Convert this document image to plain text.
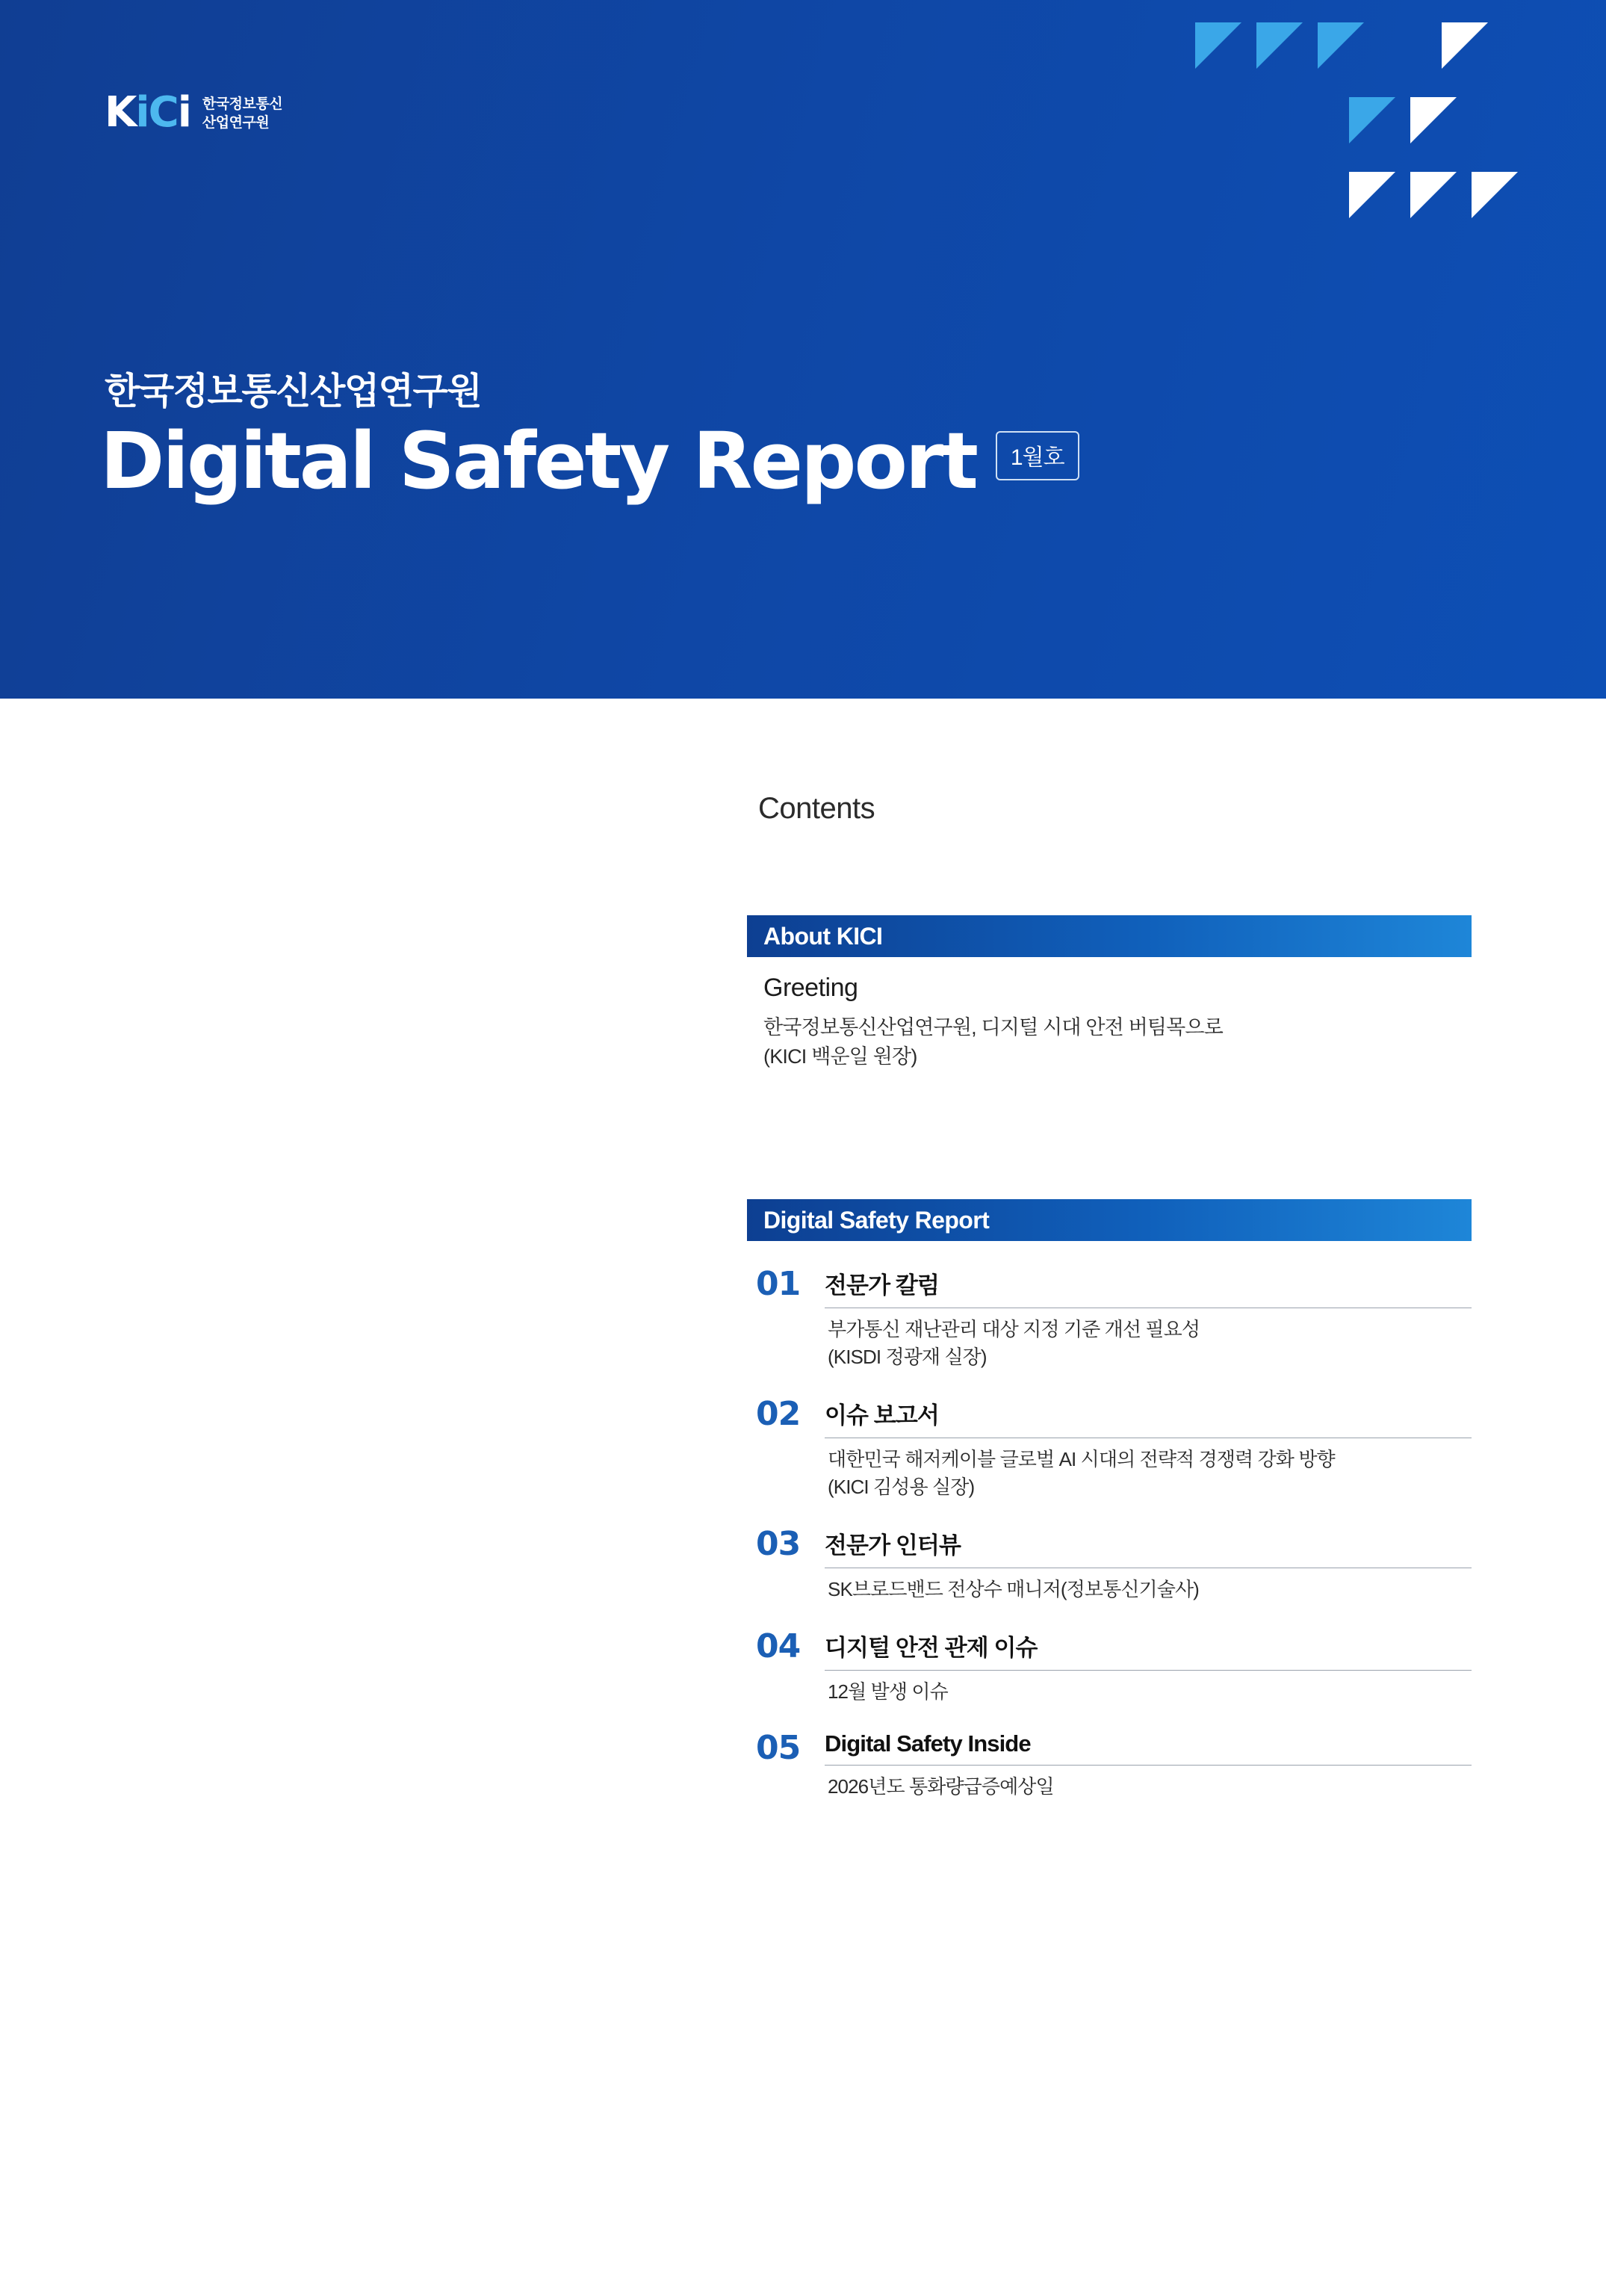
KiCi 한국정보통신
산업연구원
한국정보통신산업연구원
Digital Safety Report	1월호
Contents
About KICI
Greeting
한국정보통신산업연구원, 디지털 시대 안전 버팀목으로
(KICI 백운일 원장)
Digital Safety Report
01	전문가 칼럼
부가통신 재난관리 대상 지정 기준 개선 필요성
(KISDI 정광재 실장)
02	이슈 보고서
대한민국 해저케이블 글로벌 AI 시대의 전략적 경쟁력 강화 방향
(KICI 김성용 실장)
03	전문가 인터뷰
SK브로드밴드 전상수 매니저(정보통신기술사)
04	디지털 안전 관제 이슈
12월 발생 이슈
05	Digital Safety Inside
2026년도 통화량급증예상일
